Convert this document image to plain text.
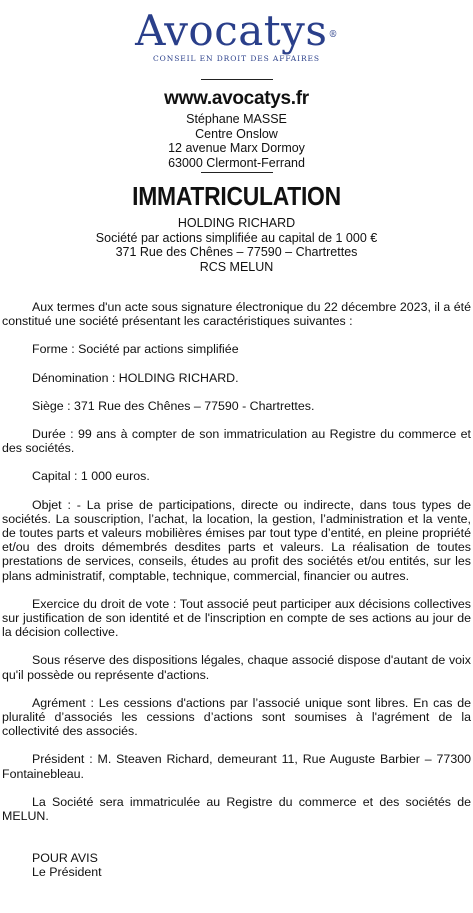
Avocatys®
CONSEIL EN DROIT DES AFFAIRES
www.avocatys.fr
Stéphane MASSE
Centre Onslow
12 avenue Marx Dormoy
63000 Clermont-Ferrand
IMMATRICULATION
HOLDING RICHARD
Société par actions simplifiée au capital de 1 000 €
371 Rue des Chênes – 77590 – Chartrettes
RCS MELUN

Aux termes d'un acte sous signature électronique du 22 décembre 2023, il a été constitué une société présentant les caractéristiques suivantes :

Forme : Société par actions simplifiée

Dénomination : HOLDING RICHARD.

Siège : 371 Rue des Chênes – 77590 - Chartrettes.

Durée : 99 ans à compter de son immatriculation au Registre du commerce et des sociétés.

Capital : 1 000 euros.

Objet : - La prise de participations, directe ou indirecte, dans tous types de sociétés. La souscription, l’achat, la location, la gestion, l’administration et la vente, de toutes parts et valeurs mobilières émises par tout type d’entité, en pleine propriété et/ou des droits démembrés desdites parts et valeurs. La réalisation de toutes prestations de services, conseils, études au profit des sociétés et/ou entités, sur les plans administratif, comptable, technique, commercial, financier ou autres.

Exercice du droit de vote : Tout associé peut participer aux décisions collectives sur justification de son identité et de l'inscription en compte de ses actions au jour de la décision collective.

Sous réserve des dispositions légales, chaque associé dispose d'autant de voix qu'il possède ou représente d'actions.

Agrément : Les cessions d'actions par l’associé unique sont libres. En cas de pluralité d’associés les cessions d’actions sont soumises à l'agrément de la collectivité des associés.

Président : M. Steaven Richard, demeurant 11, Rue Auguste Barbier – 77300 Fontainebleau.

La Société sera immatriculée au Registre du commerce et des sociétés de MELUN.

POUR AVIS
Le Président
